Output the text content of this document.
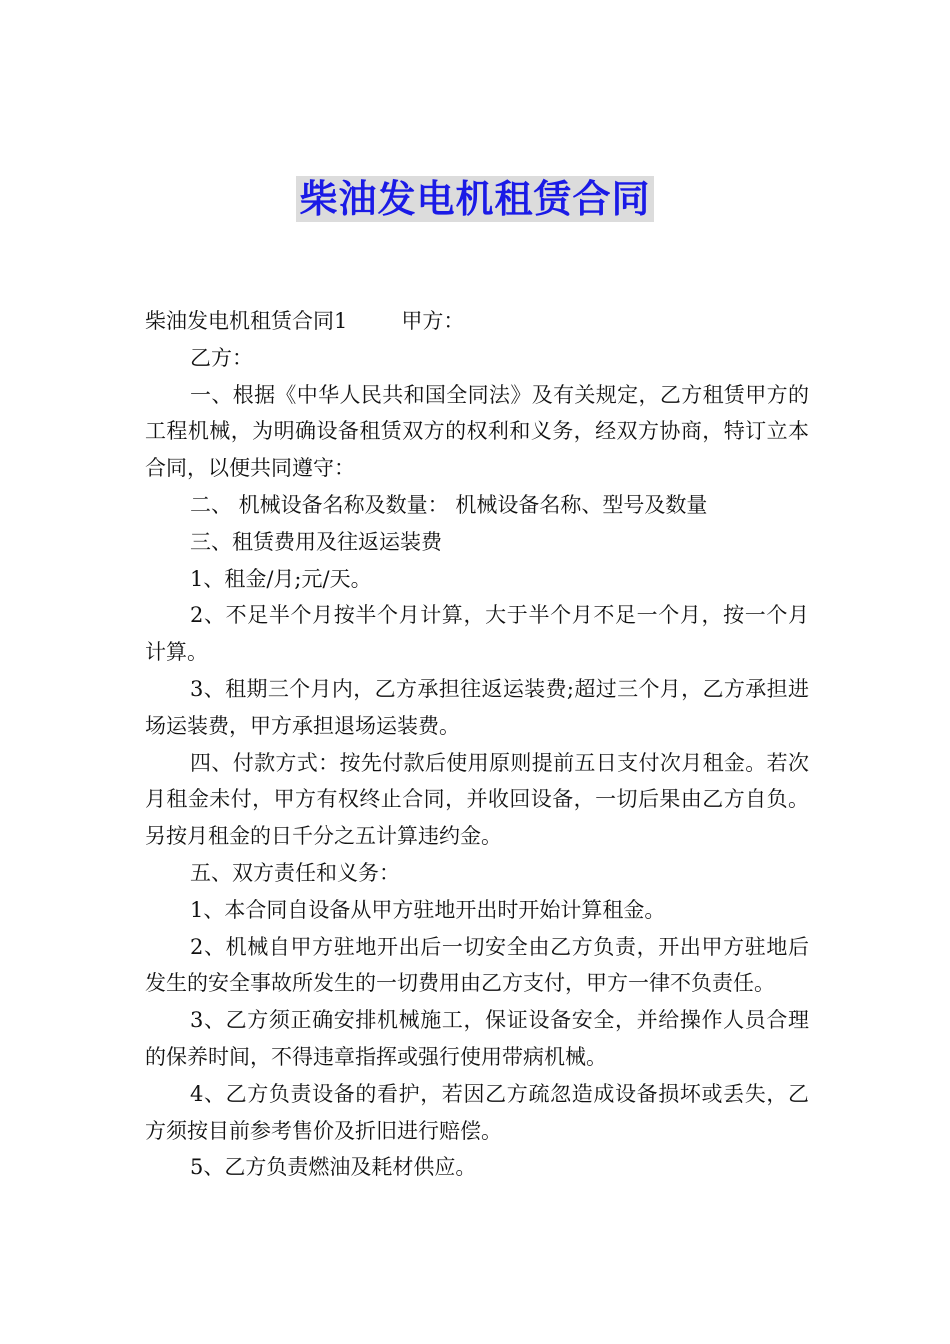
柴油发电机租赁合同

柴油发电机租赁合同1	甲方：

乙方：

一、根据《中华人民共和国全同法》及有关规定，乙方租赁甲方的工程机械，为明确设备租赁双方的权利和义务，经双方协商，特订立本合同，以便共同遵守：

二、 机械设备名称及数量： 机械设备名称、型号及数量

三、租赁费用及往返运装费

1、租金/月;元/天。

2、不足半个月按半个月计算，大于半个月不足一个月，按一个月计算。

3、租期三个月内，乙方承担往返运装费;超过三个月，乙方承担进场运装费，甲方承担退场运装费。

四、付款方式：按先付款后使用原则提前五日支付次月租金。若次月租金未付，甲方有权终止合同，并收回设备，一切后果由乙方自负。另按月租金的日千分之五计算违约金。

五、双方责任和义务：

1、本合同自设备从甲方驻地开出时开始计算租金。

2、机械自甲方驻地开出后一切安全由乙方负责，开出甲方驻地后发生的安全事故所发生的一切费用由乙方支付，甲方一律不负责任。

3、乙方须正确安排机械施工，保证设备安全，并给操作人员合理的保养时间，不得违章指挥或强行使用带病机械。

4、乙方负责设备的看护，若因乙方疏忽造成设备损坏或丢失，乙方须按目前参考售价及折旧进行赔偿。

5、乙方负责燃油及耗材供应。
